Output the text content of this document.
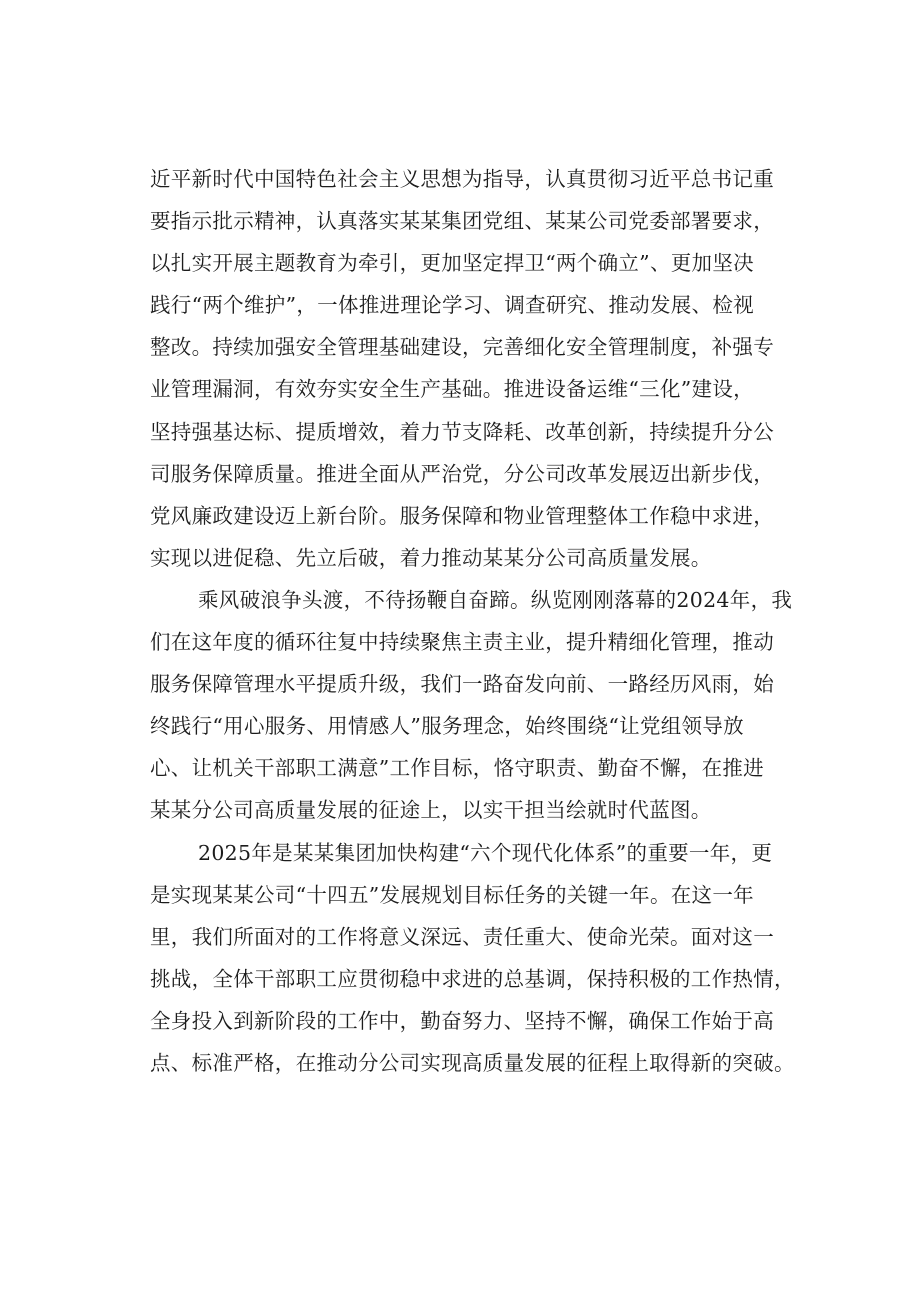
近平新时代中国特色社会主义思想为指导，认真贯彻习近平总书记重
要指示批示精神，认真落实某某集团党组、某某公司党委部署要求，
以扎实开展主题教育为牵引，更加坚定捍卫“两个确立”、更加坚决
践行“两个维护”，一体推进理论学习、调查研究、推动发展、检视
整改。持续加强安全管理基础建设，完善细化安全管理制度，补强专
业管理漏洞，有效夯实安全生产基础。推进设备运维“三化”建设，
坚持强基达标、提质增效，着力节支降耗、改革创新，持续提升分公
司服务保障质量。推进全面从严治党，分公司改革发展迈出新步伐，
党风廉政建设迈上新台阶。服务保障和物业管理整体工作稳中求进，
实现以进促稳、先立后破，着力推动某某分公司高质量发展。
乘风破浪争头渡，不待扬鞭自奋蹄。纵览刚刚落幕的2024年，我
们在这年度的循环往复中持续聚焦主责主业，提升精细化管理，推动
服务保障管理水平提质升级，我们一路奋发向前、一路经历风雨，始
终践行“用心服务、用情感人”服务理念，始终围绕“让党组领导放
心、让机关干部职工满意”工作目标，恪守职责、勤奋不懈，在推进
某某分公司高质量发展的征途上，以实干担当绘就时代蓝图。
2025年是某某集团加快构建“六个现代化体系”的重要一年，更
是实现某某公司“十四五”发展规划目标任务的关键一年。在这一年
里，我们所面对的工作将意义深远、责任重大、使命光荣。面对这一
挑战，全体干部职工应贯彻稳中求进的总基调，保持积极的工作热情，
全身投入到新阶段的工作中，勤奋努力、坚持不懈，确保工作始于高
点、标准严格，在推动分公司实现高质量发展的征程上取得新的突破。
